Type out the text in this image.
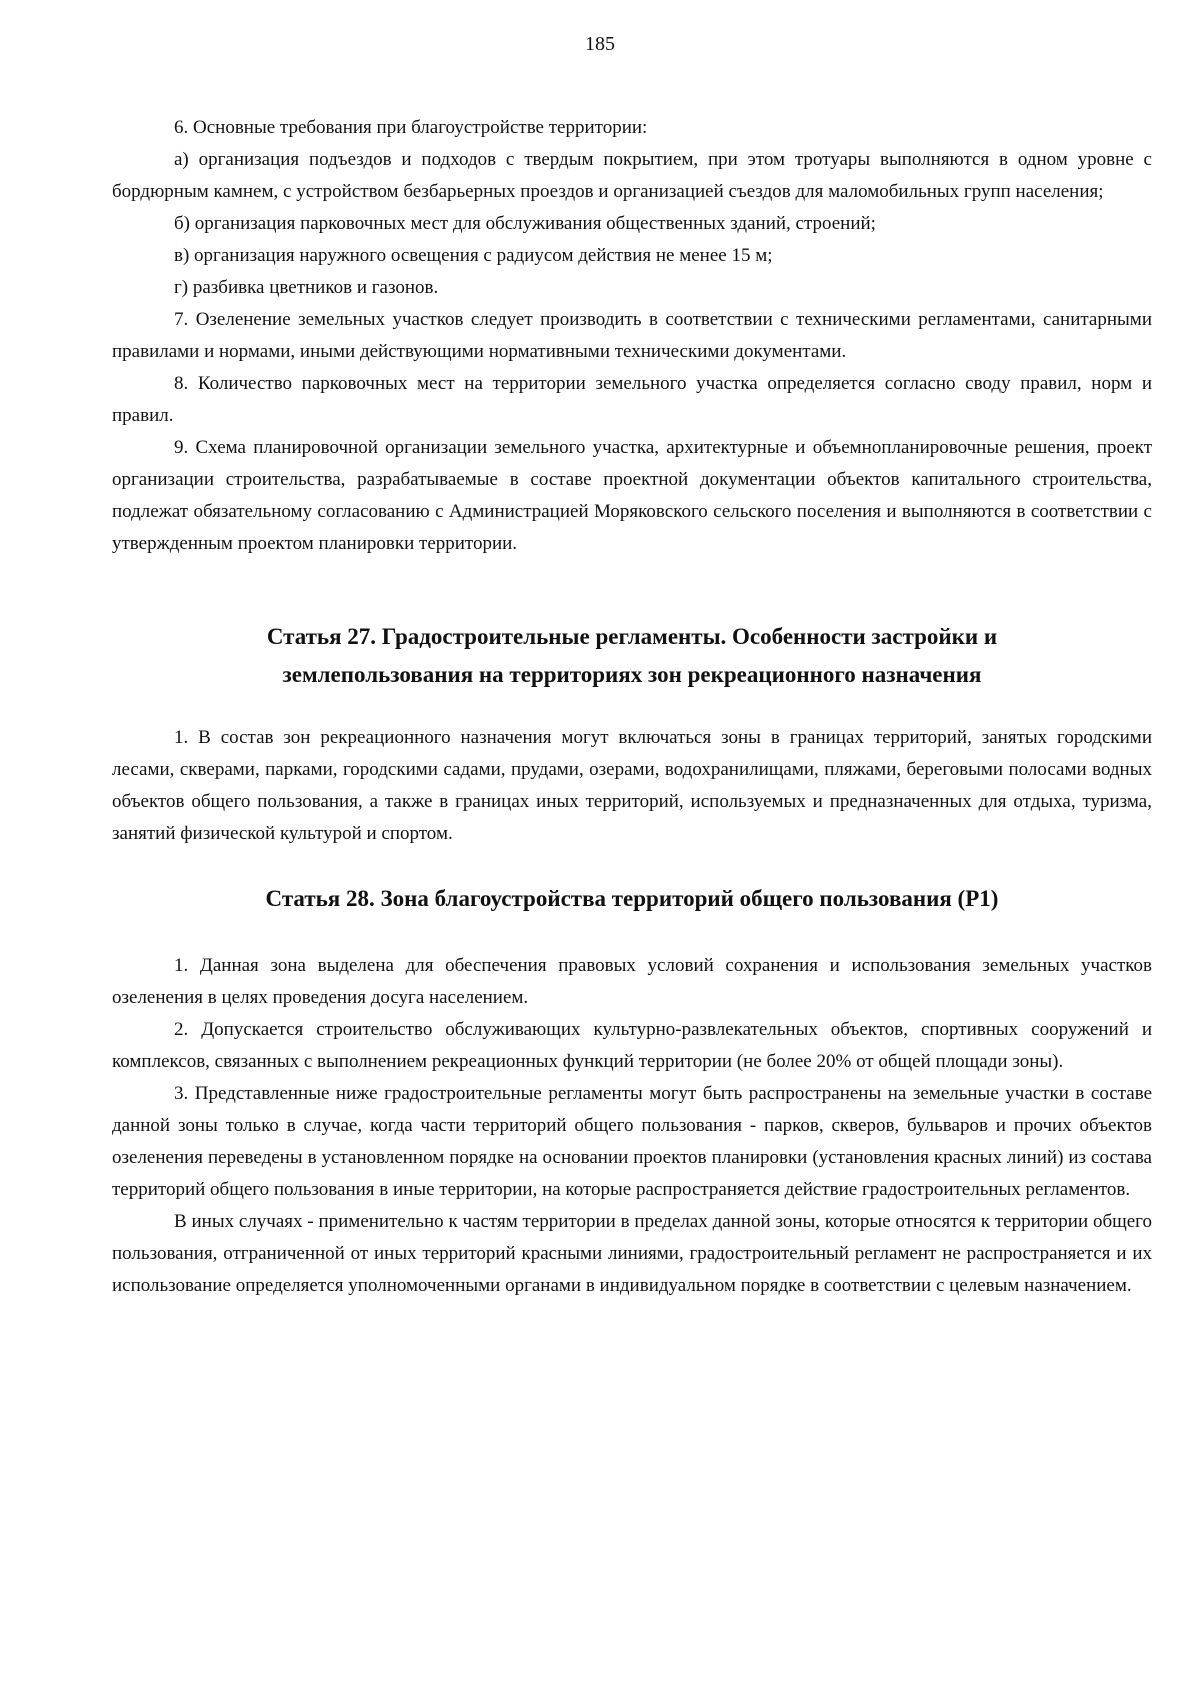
185

6. Основные требования при благоустройстве территории:

а) организация подъездов и подходов с твердым покрытием, при этом тротуары выполняются в одном уровне с бордюрным камнем, с устройством безбарьерных проездов и организацией съездов для маломобильных групп населения;

б) организация парковочных мест для обслуживания общественных зданий, строений;

в) организация наружного освещения с радиусом действия не менее 15 м;

г) разбивка цветников и газонов.

7. Озеленение земельных участков следует производить в соответствии с техническими регламентами, санитарными правилами и нормами, иными действующими нормативными техническими документами.

8. Количество парковочных мест на территории земельного участка определяется согласно своду правил, норм и правил.

9. Схема планировочной организации земельного участка, архитектурные и объемнопланировочные решения, проект организации строительства, разрабатываемые в составе проектной документации объектов капитального строительства, подлежат обязательному согласованию с Администрацией Моряковского сельского поселения и выполняются в соответствии с утвержденным проектом планировки территории.

Статья 27. Градостроительные регламенты. Особенности застройки и
землепользования на территориях зон рекреационного назначения

1. В состав зон рекреационного назначения могут включаться зоны в границах территорий, занятых городскими лесами, скверами, парками, городскими садами, прудами, озерами, водохранилищами, пляжами, береговыми полосами водных объектов общего пользования, а также в границах иных территорий, используемых и предназначенных для отдыха, туризма, занятий физической культурой и спортом.

Статья 28. Зона благоустройства территорий общего пользования (Р1)

1. Данная зона выделена для обеспечения правовых условий сохранения и использования земельных участков озеленения в целях проведения досуга населением.

2. Допускается строительство обслуживающих культурно-развлекательных объектов, спортивных сооружений и комплексов, связанных с выполнением рекреационных функций территории (не более 20% от общей площади зоны).

3. Представленные ниже градостроительные регламенты могут быть распространены на земельные участки в составе данной зоны только в случае, когда части территорий общего пользования - парков, скверов, бульваров и прочих объектов озеленения переведены в установленном порядке на основании проектов планировки (установления красных линий) из состава территорий общего пользования в иные территории, на которые распространяется действие градостроительных регламентов.

В иных случаях - применительно к частям территории в пределах данной зоны, которые относятся к территории общего пользования, отграниченной от иных территорий красными линиями, градостроительный регламент не распространяется и их использование определяется уполномоченными органами в индивидуальном порядке в соответствии с целевым назначением.
